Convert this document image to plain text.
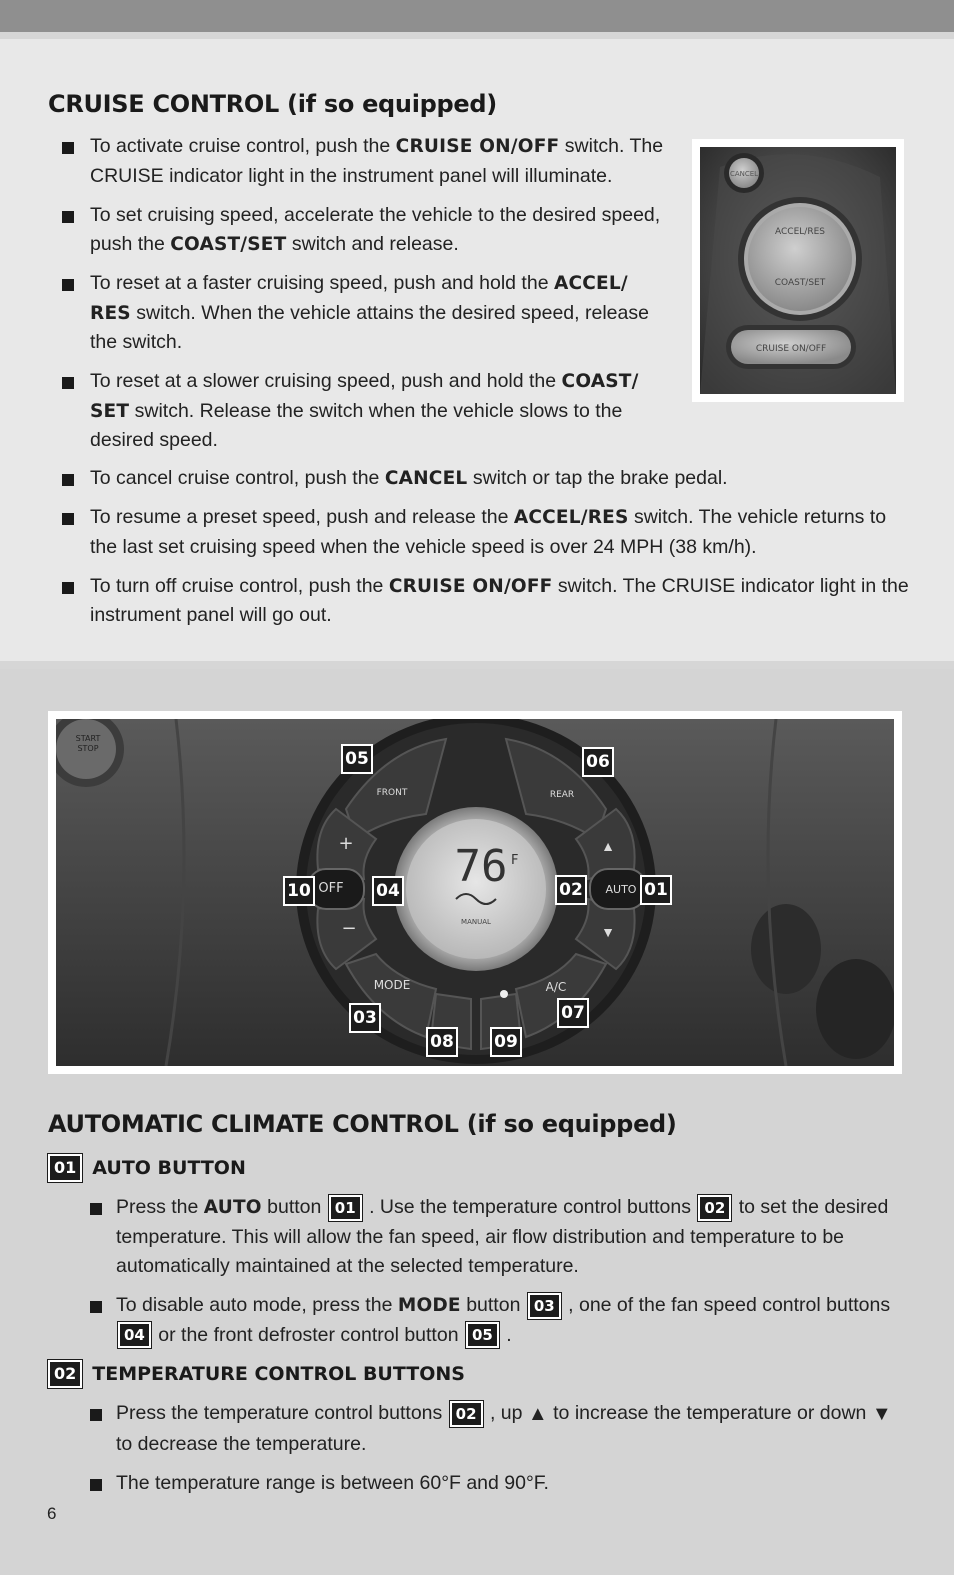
CRUISE CONTROL (if so equipped)
To activate cruise control, push the CRUISE ON/OFF switch. The CRUISE indicator light in the instrument panel will illuminate.
To set cruising speed, accelerate the vehicle to the desired speed, push the COAST/SET switch and release.
To reset at a faster cruising speed, push and hold the ACCEL/ RES switch. When the vehicle attains the desired speed, release the switch.
To reset at a slower cruising speed, push and hold the COAST/ SET switch. Release the switch when the vehicle slows to the desired speed.
To cancel cruise control, push the CANCEL switch or tap the brake pedal.
To resume a preset speed, push and release the ACCEL/RES switch. The vehicle returns to the last set cruising speed when the vehicle speed is over 24 MPH (38 km/h).
To turn off cruise control, push the CRUISE ON/OFF switch. The CRUISE indicator light in the instrument panel will go out.
CANCEL
ACCEL/RES
COAST/SET
CRUISE ON/OFF
START
STOP
FRONT	REAR
+
−
OFF
▲
▼
AUTO
MODE	A/C
76 F
MANUAL
05	06
10	04	02	01
03
08 09
07
AUTOMATIC CLIMATE CONTROL (if so equipped)
01 AUTO BUTTON
Press the AUTO button 01 . Use the temperature control buttons 02 to set the desired temperature. This will allow the fan speed, air flow distribution and temperature to be automatically maintained at the selected temperature.
To disable auto mode, press the MODE button 03 , one of the fan speed control buttons 04 or the front defroster control button 05 .
02 TEMPERATURE CONTROL BUTTONS
Press the temperature control buttons 02 , up ▲ to increase the temperature or down ▼ to decrease the temperature.
The temperature range is between 60°F and 90°F.
6
